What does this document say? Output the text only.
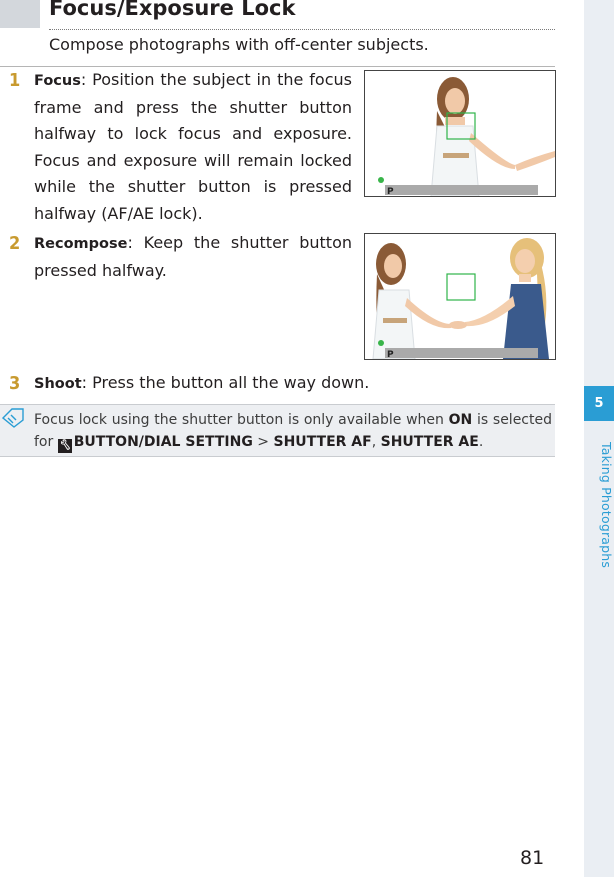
5
Taking Photographs
Focus/Exposure Lock
Compose photographs with off-center subjects.
1 Focus: Position the subject in the focus frame and press the shutter button halfway to lock focus and exposure. Focus and exposure will remain locked while the shutter button is pressed halfway (AF/AE lock).
P
2 Recompose: Keep the shutter button pressed halfway.
P
3 Shoot: Press the button all the way down.
Focus lock using the shutter button is only available when ON is selected for 🔧︎ BUTTON/DIAL SETTING > SHUTTER AF, SHUTTER AE.
81
